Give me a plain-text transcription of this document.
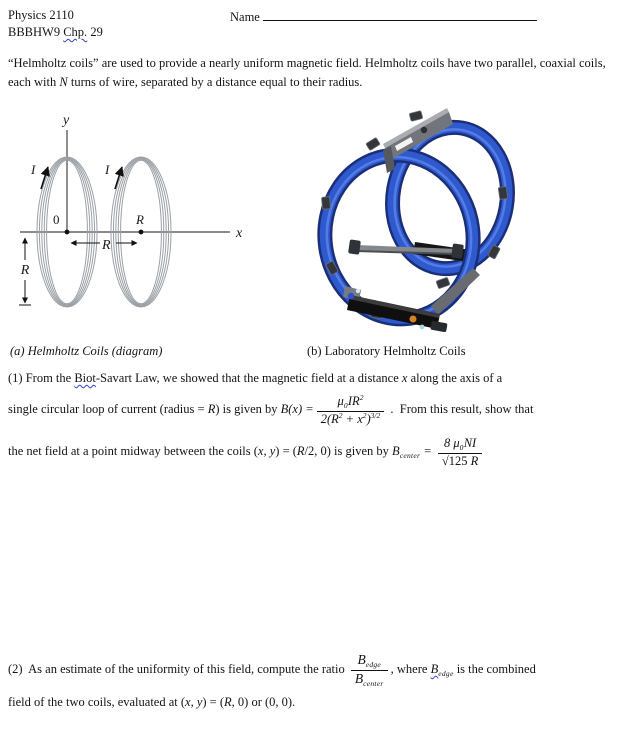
Physics 2110
BBBHW9 Chp. 29
Name
“Helmholtz coils” are used to provide a nearly uniform magnetic field. Helmholtz coils have two parallel, coaxial coils, each with N turns of wire, separated by a distance equal to their radius.
y
x
0	R
R
R
I	I
(a) Helmholtz Coils (diagram)	(b) Laboratory Helmholtz Coils
(1) From the Biot-Savart Law, we showed that the magnetic field at a distance x along the axis of a
single circular loop of current (radius = R) is given by $B(x) = \frac{\mu_0IR^2}{2(R^2 + x^2)^{3/2}}$ .  From this result, show that
the net field at a point midway between the coils (x, y) = (R/2, 0) is given by $B_{center} = \frac{8 \mu_0NI}{√125 R}$
(2)  As an estimate of the uniformity of this field, compute the ratio $\frac{B_{edge}}{B_{center}}$ , where $B_{edge}$ is the combined
field of the two coils, evaluated at (x, y) = (R, 0) or (0, 0).
